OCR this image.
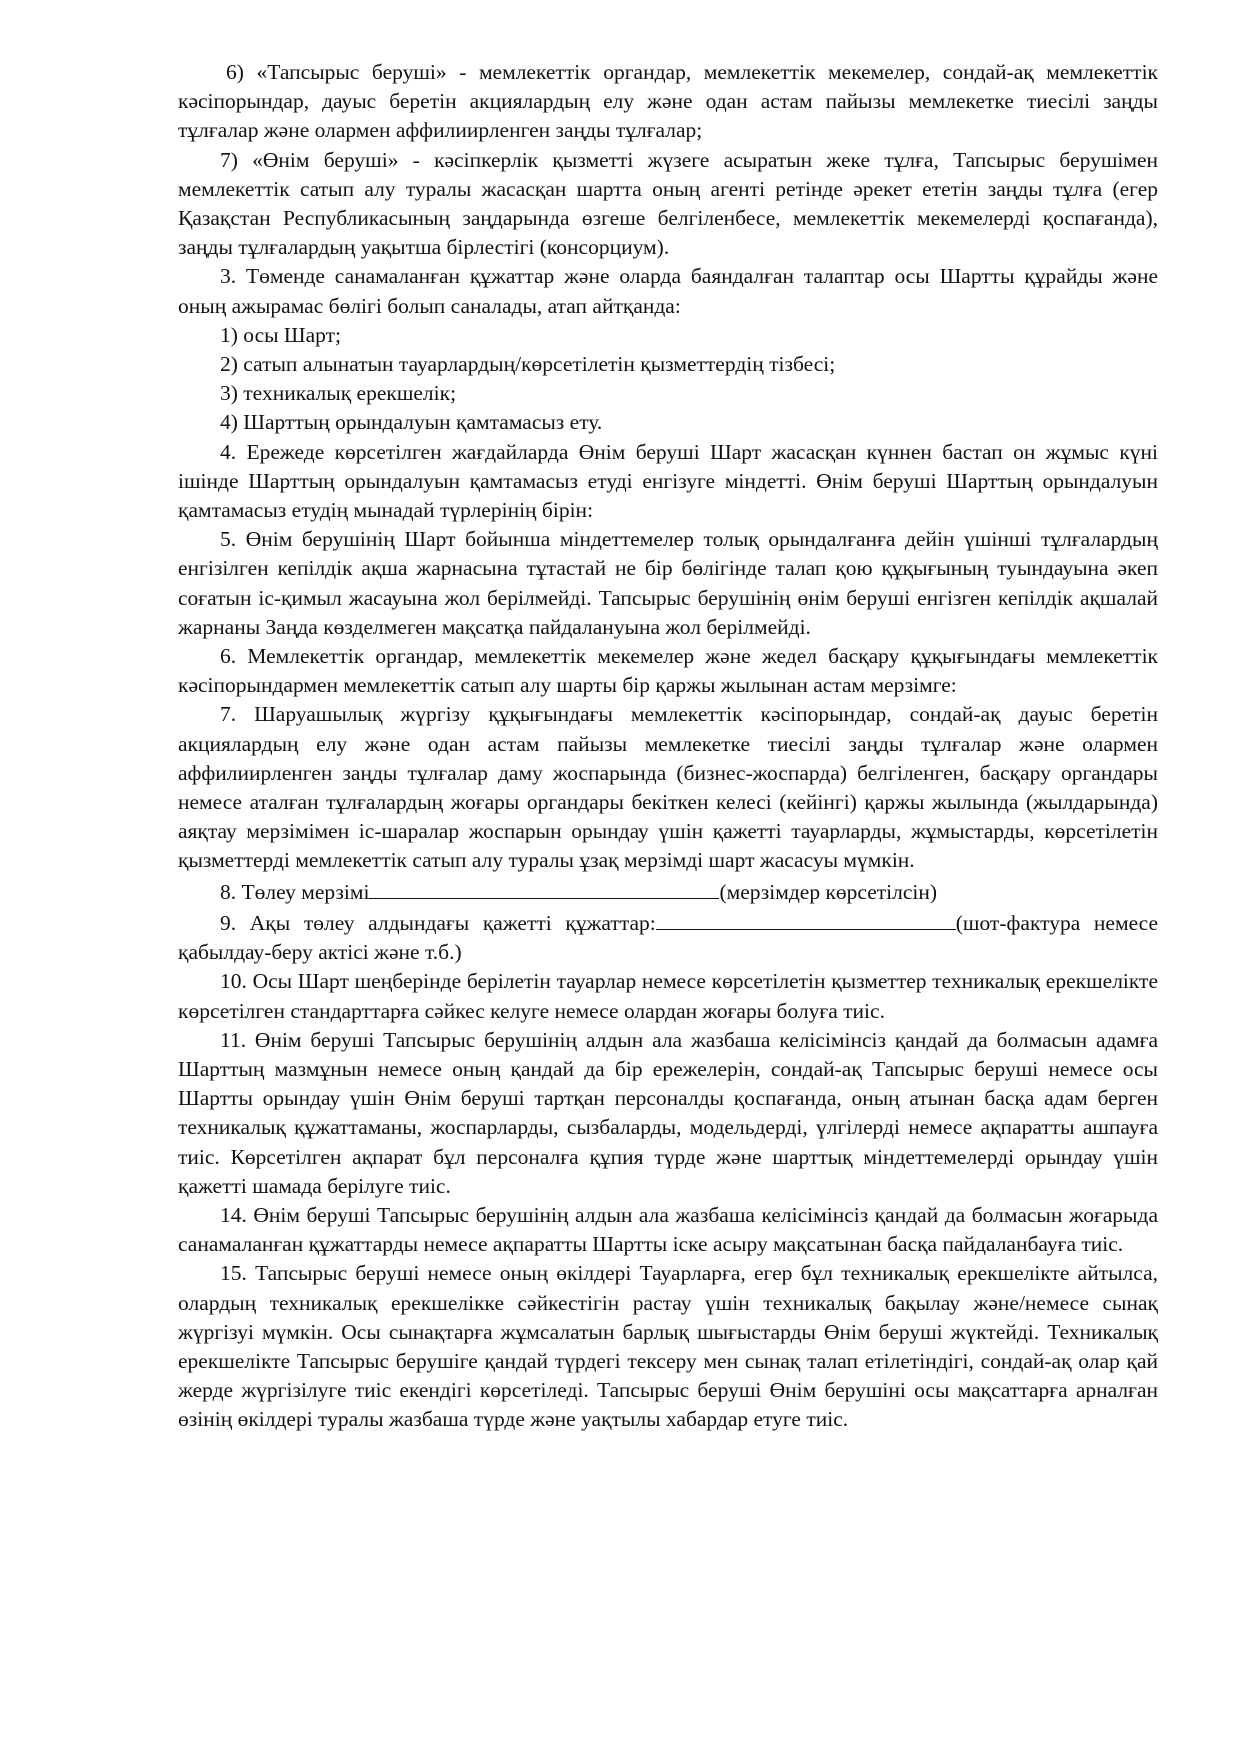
6) «Тапсырыс беруші» - мемлекеттік органдар, мемлекеттік мекемелер, сондай-ақ мемлекеттік кәсіпорындар, дауыс беретін акциялардың елу және одан астам пайызы мемлекетке тиесілі заңды тұлғалар және олармен аффилиирленген заңды тұлғалар;

7) «Өнім беруші» - кәсіпкерлік қызметті жүзеге асыратын жеке тұлға, Тапсырыс берушімен мемлекеттік сатып алу туралы жасасқан шартта оның агенті ретінде әрекет ететін заңды тұлға (егер Қазақстан Республикасының заңдарында өзгеше белгіленбесе, мемлекеттік мекемелерді қоспағанда), заңды тұлғалардың уақытша бірлестігі (консорциум).

3. Төменде санамаланған құжаттар және оларда баяндалған талаптар осы Шартты құрайды және оның ажырамас бөлігі болып саналады, атап айтқанда:

1) осы Шарт;

2) сатып алынатын тауарлардың/көрсетілетін қызметтердің тізбесі;

3) техникалық ерекшелік;

4) Шарттың орындалуын қамтамасыз ету.

4. Ережеде көрсетілген жағдайларда Өнім беруші Шарт жасасқан күннен бастап он жұмыс күні ішінде Шарттың орындалуын қамтамасыз етуді енгізуге міндетті. Өнім беруші Шарттың орындалуын қамтамасыз етудің мынадай түрлерінің бірін:

5. Өнім берушінің Шарт бойынша міндеттемелер толық орындалғанға дейін үшінші тұлғалардың енгізілген кепілдік ақша жарнасына тұтастай не бір бөлігінде талап қою құқығының туындауына әкеп соғатын іс-қимыл жасауына жол берілмейді. Тапсырыс берушінің өнім беруші енгізген кепілдік ақшалай жарнаны Заңда көзделмеген мақсатқа пайдалануына жол берілмейді.

6. Мемлекеттік органдар, мемлекеттік мекемелер және жедел басқару құқығындағы мемлекеттік кәсіпорындармен мемлекеттік сатып алу шарты бір қаржы жылынан астам мерзімге:

7. Шаруашылық жүргізу құқығындағы мемлекеттік кәсіпорындар, сондай-ақ дауыс беретін акциялардың елу және одан астам пайызы мемлекетке тиесілі заңды тұлғалар және олармен аффилиирленген заңды тұлғалар даму жоспарында (бизнес-жоспарда) белгіленген, басқару органдары немесе аталған тұлғалардың жоғары органдары бекіткен келесі (кейінгі) қаржы жылында (жылдарында) аяқтау мерзімімен іс-шаралар жоспарын орындау үшін қажетті тауарларды, жұмыстарды, көрсетілетін қызметтерді мемлекеттік сатып алу туралы ұзақ мерзімді шарт жасасуы мүмкін.

8. Төлеу мерзімі	(мерзімдер көрсетілсін)

9. Ақы төлеу алдындағы қажетті құжаттар:	(шот-фактура немесе қабылдау-беру актісі және т.б.)

10. Осы Шарт шеңберінде берілетін тауарлар немесе көрсетілетін қызметтер техникалық ерекшелікте көрсетілген стандарттарға сәйкес келуге немесе олардан жоғары болуға тиіс.

11. Өнім беруші Тапсырыс берушінің алдын ала жазбаша келісімінсіз қандай да болмасын адамға Шарттың мазмұнын немесе оның қандай да бір ережелерін, сондай-ақ Тапсырыс беруші немесе осы Шартты орындау үшін Өнім беруші тартқан персоналды қоспағанда, оның атынан басқа адам берген техникалық құжаттаманы, жоспарларды, сызбаларды, модельдерді, үлгілерді немесе ақпаратты ашпауға тиіс. Көрсетілген ақпарат бұл персоналға құпия түрде және шарттық міндеттемелерді орындау үшін қажетті шамада берілуге тиіс.

14. Өнім беруші Тапсырыс берушінің алдын ала жазбаша келісімінсіз қандай да болмасын жоғарыда санамаланған құжаттарды немесе ақпаратты Шартты іске асыру мақсатынан басқа пайдаланбауға тиіс.

15. Тапсырыс беруші немесе оның өкілдері Тауарларға, егер бұл техникалық ерекшелікте айтылса, олардың техникалық ерекшелікке сәйкестігін растау үшін техникалық бақылау және/немесе сынақ жүргізуі мүмкін. Осы сынақтарға жұмсалатын барлық шығыстарды Өнім беруші жүктейді. Техникалық ерекшелікте Тапсырыс берушіге қандай түрдегі тексеру мен сынақ талап етілетіндігі, сондай-ақ олар қай жерде жүргізілуге тиіс екендігі көрсетіледі. Тапсырыс беруші Өнім берушіні осы мақсаттарға арналған өзінің өкілдері туралы жазбаша түрде және уақтылы хабардар етуге тиіс.
